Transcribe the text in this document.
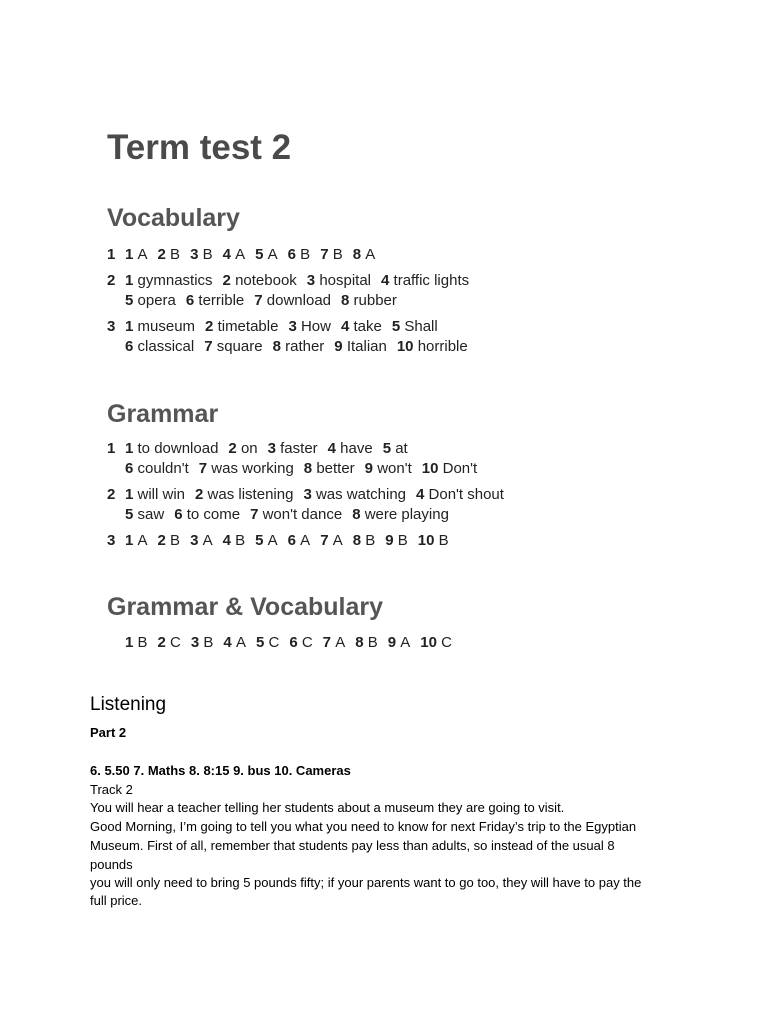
Term test 2
Vocabulary
1 1 A 2 B 3 B 4 A 5 A 6 B 7 B 8 A
2 1 gymnastics 2 notebook 3 hospital 4 traffic lights
5 opera 6 terrible 7 download 8 rubber
3 1 museum 2 timetable 3 How 4 take 5 Shall
6 classical 7 square 8 rather 9 Italian 10 horrible
Grammar
1 1 to download 2 on 3 faster 4 have 5 at
6 couldn't 7 was working 8 better 9 won't 10 Don't
2 1 will win 2 was listening 3 was watching 4 Don't shout
5 saw 6 to come 7 won't dance 8 were playing
3 1 A 2 B 3 A 4 B 5 A 6 A 7 A 8 B 9 B 10 B
Grammar & Vocabulary
1 B 2 C 3 B 4 A 5 C 6 C 7 A 8 B 9 A 10 C
Listening
Part 2
6. 5.50 7. Maths 8. 8:15 9. bus 10. Cameras
Track 2
You will hear a teacher telling her students about a museum they are going to visit.
Good Morning, I’m going to tell you what you need to know for next Friday’s trip to the Egyptian
Museum. First of all, remember that students pay less than adults, so instead of the usual 8
pounds
you will only need to bring 5 pounds fifty; if your parents want to go too, they will have to pay the
full price.
